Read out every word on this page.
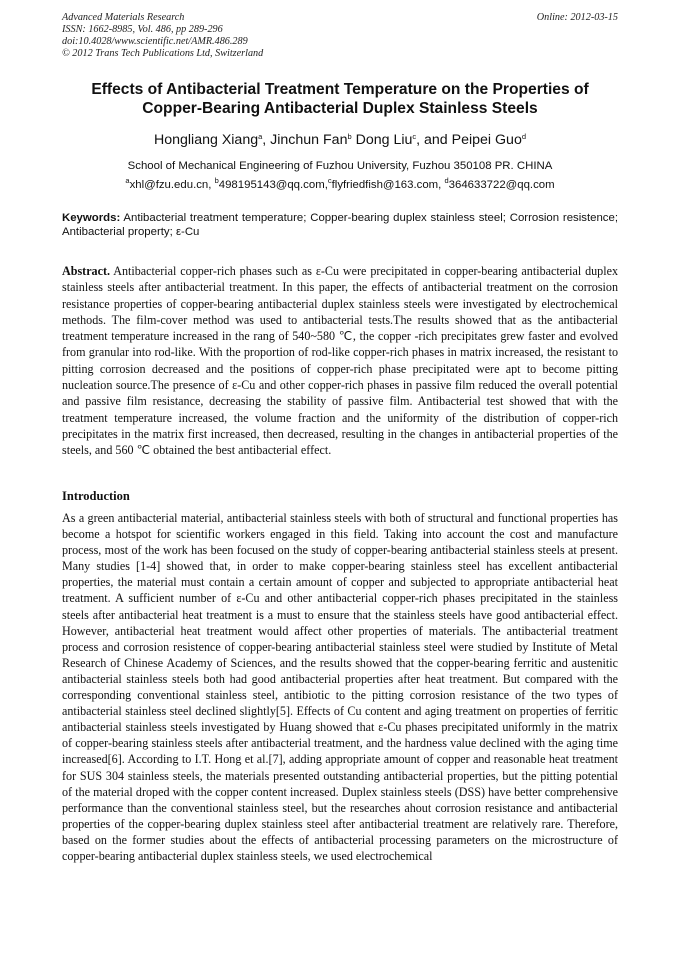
Advanced Materials Research
ISSN: 1662-8985, Vol. 486, pp 289-296
doi:10.4028/www.scientific.net/AMR.486.289
© 2012 Trans Tech Publications Ltd, Switzerland
Online: 2012-03-15
Effects of Antibacterial Treatment Temperature on the Properties of
Copper-Bearing Antibacterial Duplex Stainless Steels
Hongliang Xiang$^a$, Jinchun Fan$^b$ Dong Liu$^c$, and Peipei Guo$^d$
School of Mechanical Engineering of Fuzhou University, Fuzhou 350108 PR. CHINA
$^a$xhl@fzu.edu.cn, $^b$498195143@qq.com,$^c$flyfriedfish@163.com, $^d$364633722@qq.com
Keywords: Antibacterial treatment temperature; Copper-bearing duplex stainless steel; Corrosion resistence; Antibacterial property; ε-Cu
Abstract. Antibacterial copper-rich phases such as ε-Cu were precipitated in copper-bearing antibacterial duplex stainless steels after antibacterial treatment. In this paper, the effects of antibacterial treatment on the corrosion resistance properties of copper-bearing antibacterial duplex stainless steels were investigated by electrochemical methods. The film-cover method was used to antibacterial tests.The results showed that as the antibacterial treatment temperature increased in the rang of 540~580 ℃, the copper -rich precipitates grew faster and evolved from granular into rod-like. With the proportion of rod-like copper-rich phases in matrix increased, the resistant to pitting corrosion decreased and the positions of copper-rich phase precipitated were apt to become pitting nucleation source.The presence of ε-Cu and other copper-rich phases in passive film reduced the overall potential and passive film resistance, decreasing the stability of passive film. Antibacterial test showed that with the treatment temperature increased, the volume fraction and the uniformity of the distribution of copper-rich precipitates in the matrix first increased, then decreased, resulting in the changes in antibacterial properties of the steels, and 560 ℃ obtained the best antibacterial effect.
Introduction
As a green antibacterial material, antibacterial stainless steels with both of structural and functional properties has become a hotspot for scientific workers engaged in this field. Taking into account the cost and manufacture process, most of the work has been focused on the study of copper-bearing antibacterial stainless steels at present. Many studies [1-4] showed that, in order to make copper-bearing stainless steel has excellent antibacterial properties, the material must contain a certain amount of copper and subjected to appropriate antibacterial heat treatment. A sufficient number of ε-Cu and other antibacterial copper-rich phases precipitated in the stainless steels after antibacterial heat treatment is a must to ensure that the stainless steels have good antibacterial effect. However, antibacterial heat treatment would affect other properties of materials. The antibacterial treatment process and corrosion resistence of copper-bearing antibacterial stainless steel were studied by Institute of Metal Research of Chinese Academy of Sciences, and the results showed that the copper-bearing ferritic and austenitic antibacterial stainless steels both had good antibacterial properties after heat treatment. But compared with the corresponding conventional stainless steel, antibiotic to the pitting corrosion resistance of the two types of antibacterial stainless steel declined slightly[5]. Effects of Cu content and aging treatment on properties of ferritic antibacterial stainless steels investigated by Huang showed that ε-Cu phases precipitated uniformly in the matrix of copper-bearing stainless steels after antibacterial treatment, and the hardness value declined with the aging time increased[6]. According to I.T. Hong et al.[7], adding appropriate amount of copper and reasonable heat treatment for SUS 304 stainless steels, the materials presented outstanding antibacterial properties, but the pitting potential of the material droped with the copper content increased. Duplex stainless steels (DSS) have better comprehensive performance than the conventional stainless steel, but the researches ahout corrosion resistance and antibacterial properties of the copper-bearing duplex stainless steel after antibacterial treatment are relatively rare. Therefore, based on the former studies about the effects of antibacterial processing parameters on the microstructure of copper-bearing antibacterial duplex stainless steels, we used electrochemical
